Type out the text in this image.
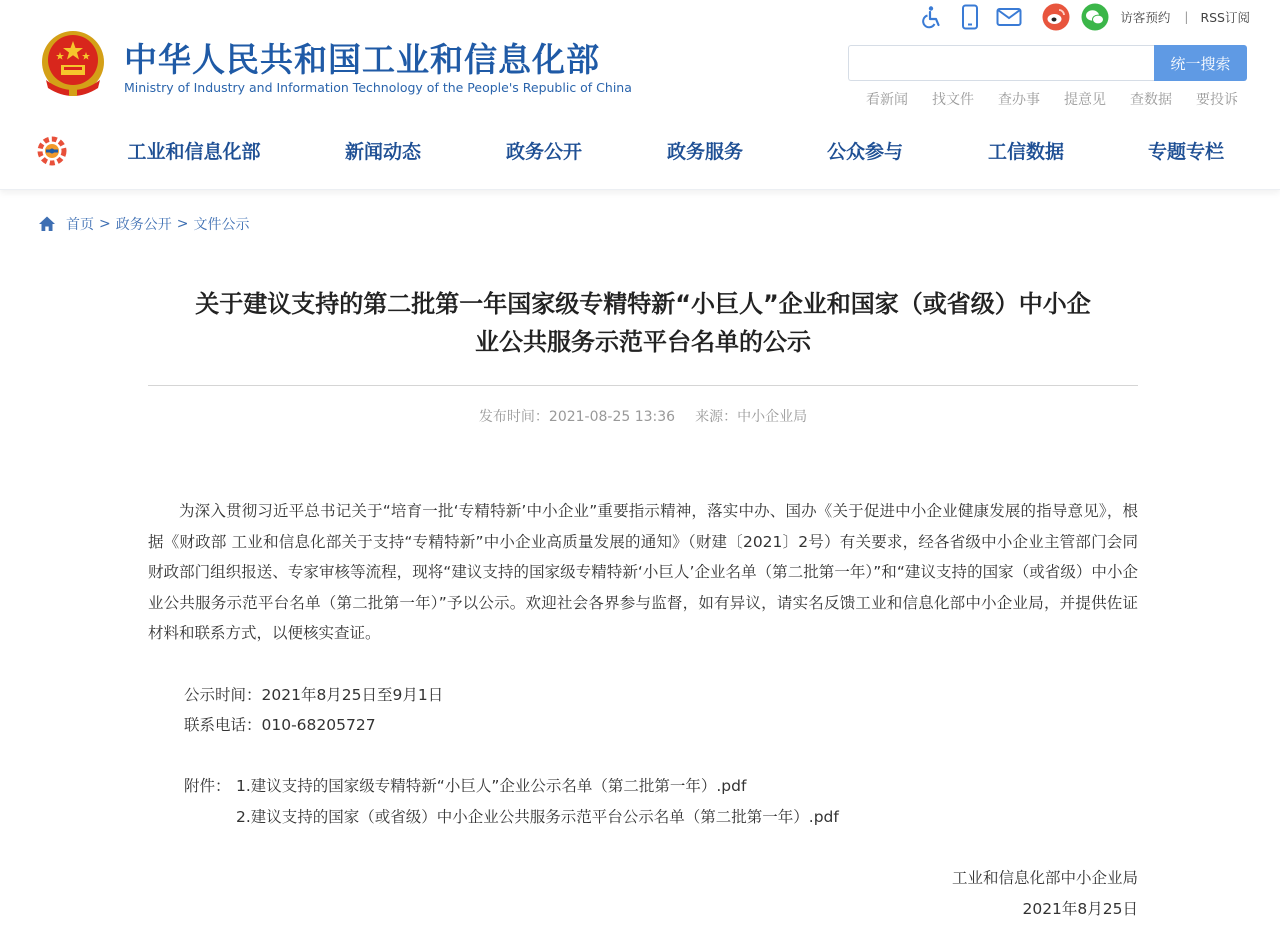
中华人民共和国工业和信息化部
Ministry of Industry and Information Technology of the People's Republic of China
访客预约 | RSS订阅
统一搜索
看新闻 找文件 查办事 提意见 查数据 要投诉
工业和信息化部	新闻动态	政务公开	政务服务	公众参与	工信数据	专题专栏
首页 > 政务公开 > 文件公示
关于建议支持的第二批第一年国家级专精特新“小巨人”企业和国家（或省级）中小企
业公共服务示范平台名单的公示
发布时间：2021-08-25 13:36 来源：中小企业局
为深入贯彻习近平总书记关于“培育一批‘专精特新’中小企业”重要指示精神，落实中办、国办《关于促进中小企业健康发展的指导意见》，根据《财政部 工业和信息化部关于支持“专精特新”中小企业高质量发展的通知》（财建〔2021〕2号）有关要求，经各省级中小企业主管部门会同财政部门组织报送、专家审核等流程，现将“建议支持的国家级专精特新‘小巨人’企业名单（第二批第一年）”和“建议支持的国家（或省级）中小企业公共服务示范平台名单（第二批第一年）”予以公示。欢迎社会各界参与监督，如有异议，请实名反馈工业和信息化部中小企业局，并提供佐证材料和联系方式，以便核实查证。
公示时间：2021年8月25日至9月1日
联系电话：010-68205727
附件： 1.建议支持的国家级专精特新“小巨人”企业公示名单（第二批第一年）.pdf
2.建议支持的国家（或省级）中小企业公共服务示范平台公示名单（第二批第一年）.pdf
工业和信息化部中小企业局
2021年8月25日
